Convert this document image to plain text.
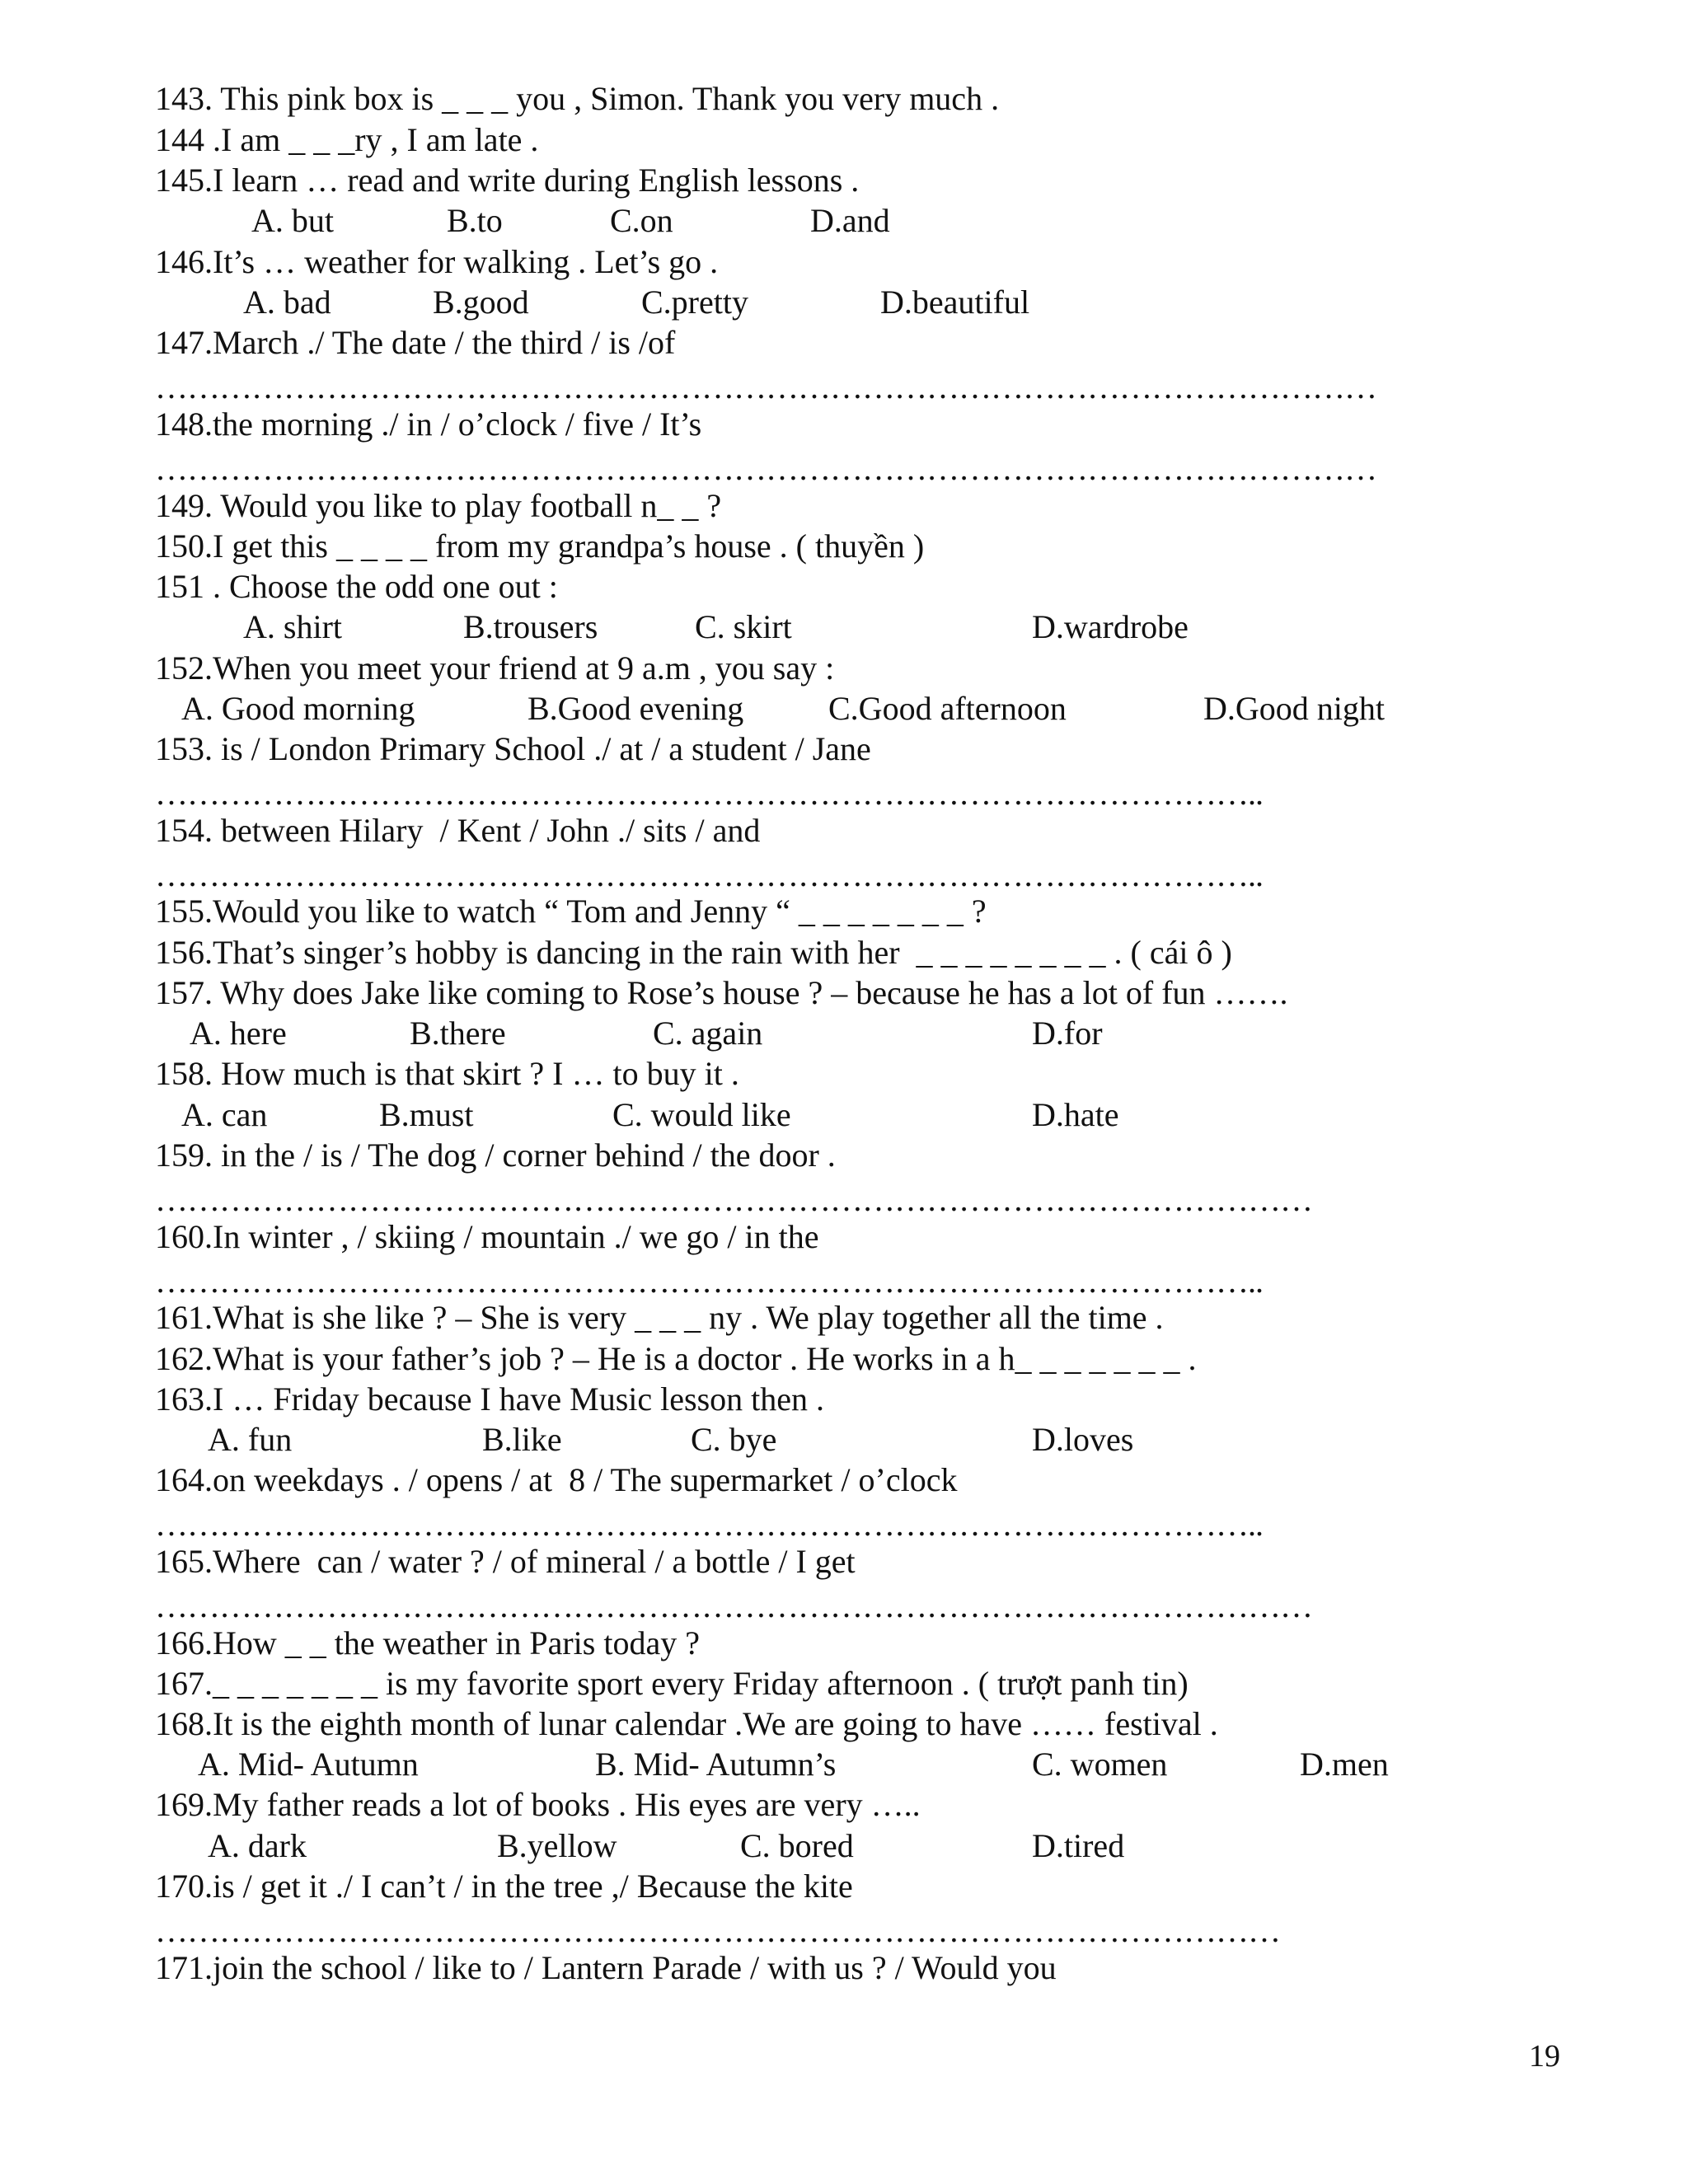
143. This pink box is _ _ _ you , Simon. Thank you very much .
144 .I am _ _ _ry , I am late .
145.I learn … read and write during English lessons .
A. but	B.to	C.on	D.and
146.It’s … weather for walking . Let’s go .
A. bad	B.good	C.pretty	D.beautiful
147.March ./ The date / the third / is /of
……………………………………………………………………………………………………
148.the morning ./ in / o’clock / five / It’s
……………………………………………………………………………………………………
149. Would you like to play football n_ _ ?
150.I get this _ _ _ _ from my grandpa’s house . ( thuyền )
151 . Choose the odd one out :
A. shirt	B.trousers	C. skirt	D.wardrobe
152.When you meet your friend at 9 a.m , you say :
A. Good morning	B.Good evening	C.Good afternoon	D.Good night
153. is / London Primary School ./ at / a student / Jane
…………………………………………………………………………………………..
154. between Hilary  / Kent / John ./ sits / and
…………………………………………………………………………………………..
155.Would you like to watch “ Tom and Jenny “ _ _ _ _ _ _ _ ?
156.That’s singer’s hobby is dancing in the rain with her  _ _ _ _ _ _ _ _ . ( cái ô )
157. Why does Jake like coming to Rose’s house ? – because he has a lot of fun …….
A. here	B.there	C. again	D.for
158. How much is that skirt ? I … to buy it .
A. can	B.must	C. would like	D.hate
159. in the / is / The dog / corner behind / the door .
………………………………………………………………………………………………
160.In winter , / skiing / mountain ./ we go / in the
…………………………………………………………………………………………..
161.What is she like ? – She is very _ _ _ ny . We play together all the time .
162.What is your father’s job ? – He is a doctor . He works in a h_ _ _ _ _ _ _ .
163.I … Friday because I have Music lesson then .
A. fun	B.like	C. bye	D.loves
164.on weekdays . / opens / at  8 / The supermarket / o’clock
…………………………………………………………………………………………..
165.Where  can / water ? / of mineral / a bottle / I get
………………………………………………………………………………………………
166.How _ _ the weather in Paris today ?
167._ _ _ _ _ _ _ is my favorite sport every Friday afternoon . ( trượt panh tin)
168.It is the eighth month of lunar calendar .We are going to have …… festival .
A. Mid- Autumn	B. Mid- Autumn’s	C. women	D.men
169.My father reads a lot of books . His eyes are very …..
A. dark	B.yellow	C. bored	D.tired
170.is / get it ./ I can’t / in the tree ,/ Because the kite
……………………………………………………………………………………………
171.join the school / like to / Lantern Parade / with us ? / Would you
19
